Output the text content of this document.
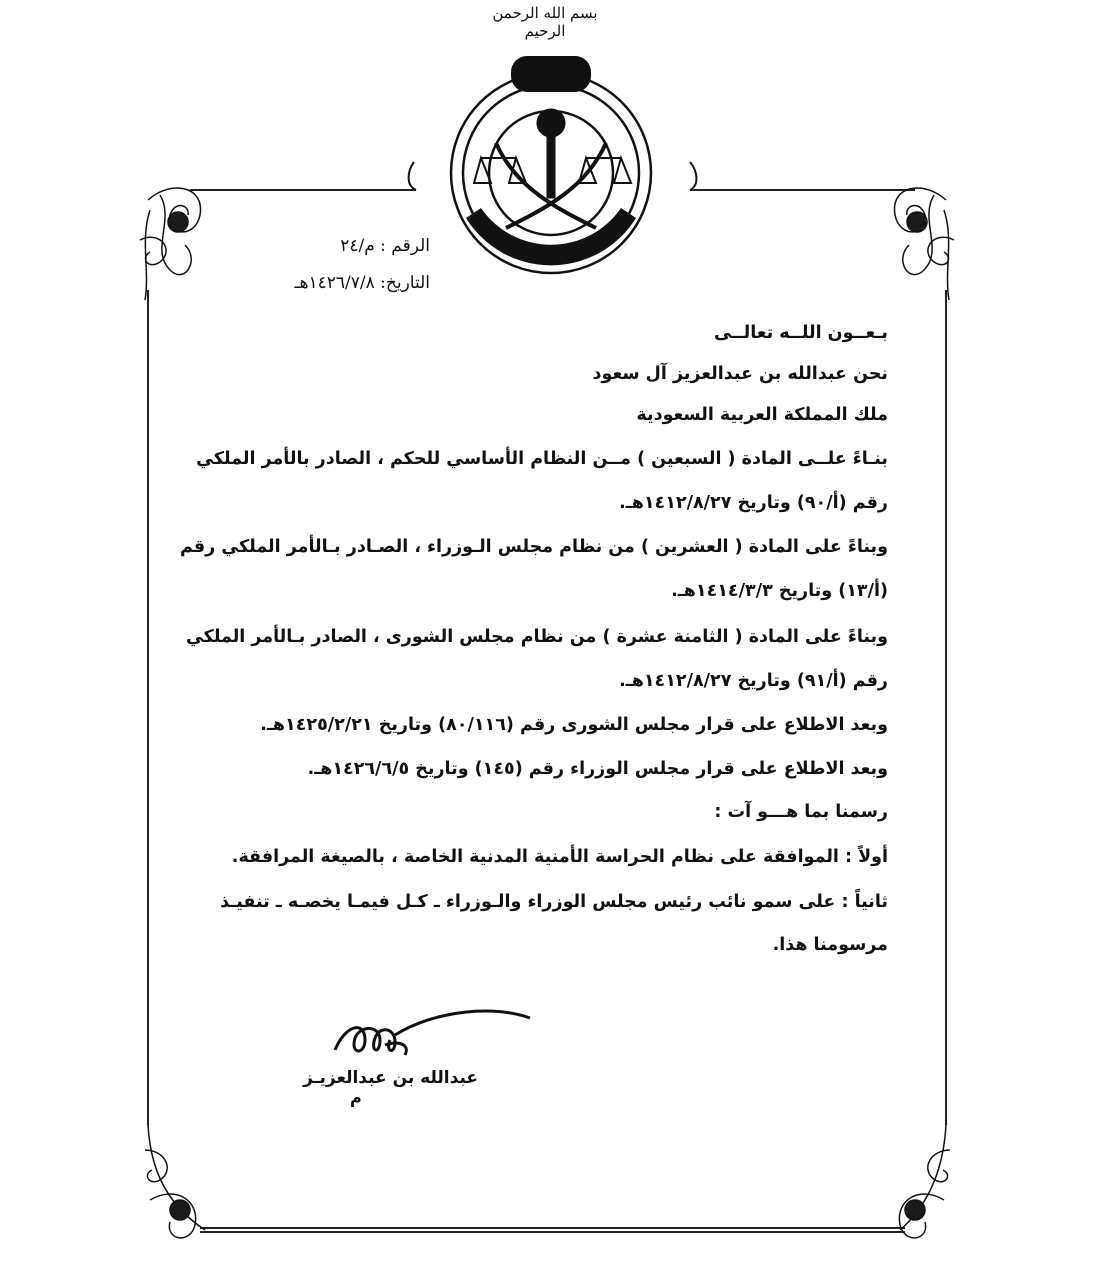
بسم الله الرحمن الرحيم
الرقم : م/٢٤
التاريخ: ١٤٢٦/٧/٨هـ
بـعــون اللــه تعالــى
نحن عبدالله بن عبدالعزيز آل سعود
ملك المملكة العربية السعودية
بنـاءً علــى المادة ( السبعين ) مــن النظام الأساسي للحكم ، الصادر بالأمر الملكي
رقم (أ/٩٠) وتاريخ ١٤١٢/٨/٢٧هـ.
وبناءً على المادة ( العشرين ) من نظام مجلس الـوزراء ، الصـادر بـالأمر الملكي رقم
(أ/١٣) وتاريخ ١٤١٤/٣/٣هـ.
وبناءً على المادة ( الثامنة عشرة ) من نظام مجلس الشورى ، الصادر بـالأمر الملكي
رقم (أ/٩١) وتاريخ ١٤١٢/٨/٢٧هـ.
وبعد الاطلاع على قرار مجلس الشورى رقم (٨٠/١١٦) وتاريخ ١٤٢٥/٢/٢١هـ.
وبعد الاطلاع على قرار مجلس الوزراء رقم (١٤٥) وتاريخ ١٤٢٦/٦/٥هـ.
رسمنا بما هـــو آت :
أولاً : الموافقة على نظام الحراسة الأمنية المدنية الخاصة ، بالصيغة المرافقة.
ثانياً : على سمو نائب رئيس مجلس الوزراء والـوزراء ـ كـل فيمـا يخصـه ـ تنفيـذ
مرسومنا هذا.
عبدالله بن عبدالعزيـز
م
